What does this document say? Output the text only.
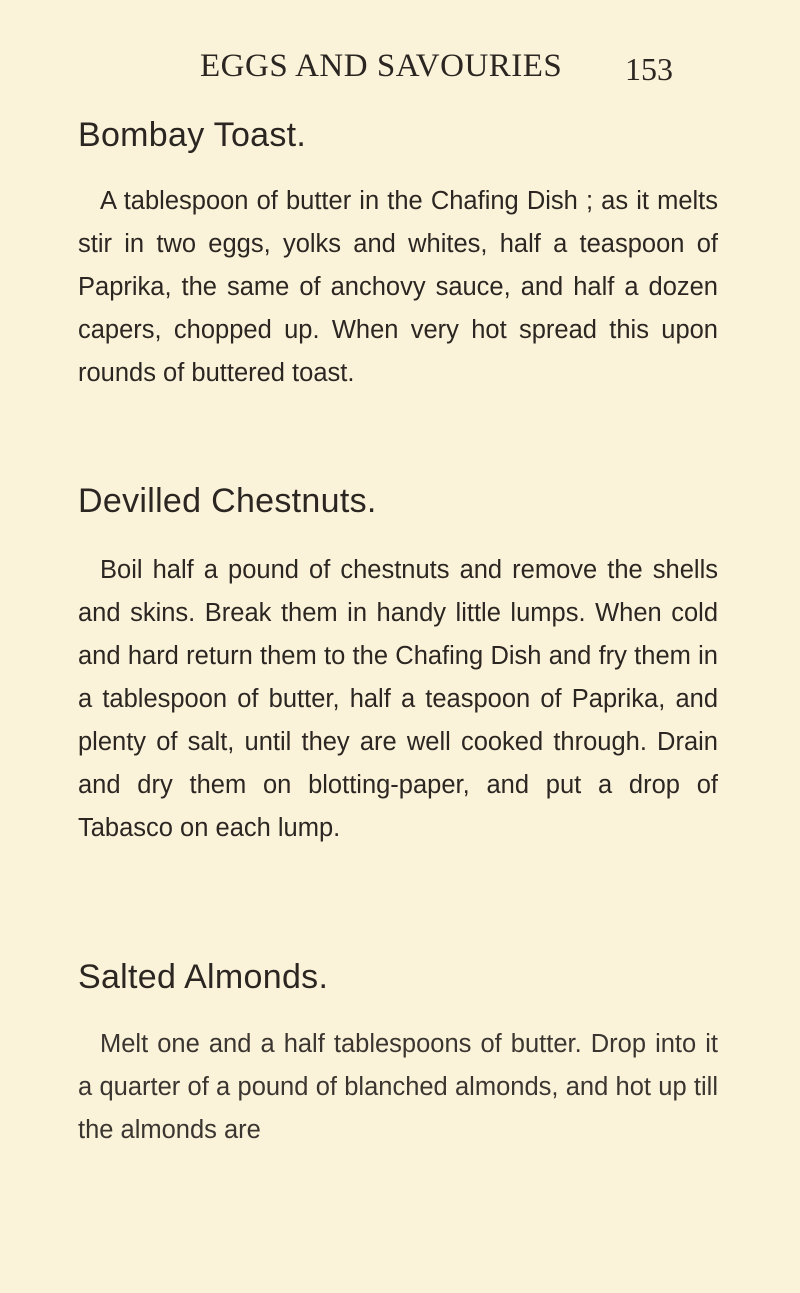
EGGS AND SAVOURIES	153
Bombay Toast.

A tablespoon of butter in the Chafing Dish ; as it melts stir in two eggs, yolks and whites, half a teaspoon of Paprika, the same of anchovy sauce, and half a dozen capers, chopped up. When very hot spread this upon rounds of buttered toast.

Devilled Chestnuts.

Boil half a pound of chestnuts and remove the shells and skins. Break them in handy little lumps. When cold and hard return them to the Chafing Dish and fry them in a tablespoon of butter, half a teaspoon of Paprika, and plenty of salt, until they are well cooked through. Drain and dry them on blotting-paper, and put a drop of Tabasco on each lump.

Salted Almonds.

Melt one and a half tablespoons of butter. Drop into it a quarter of a pound of blanched almonds, and hot up till the almonds are
